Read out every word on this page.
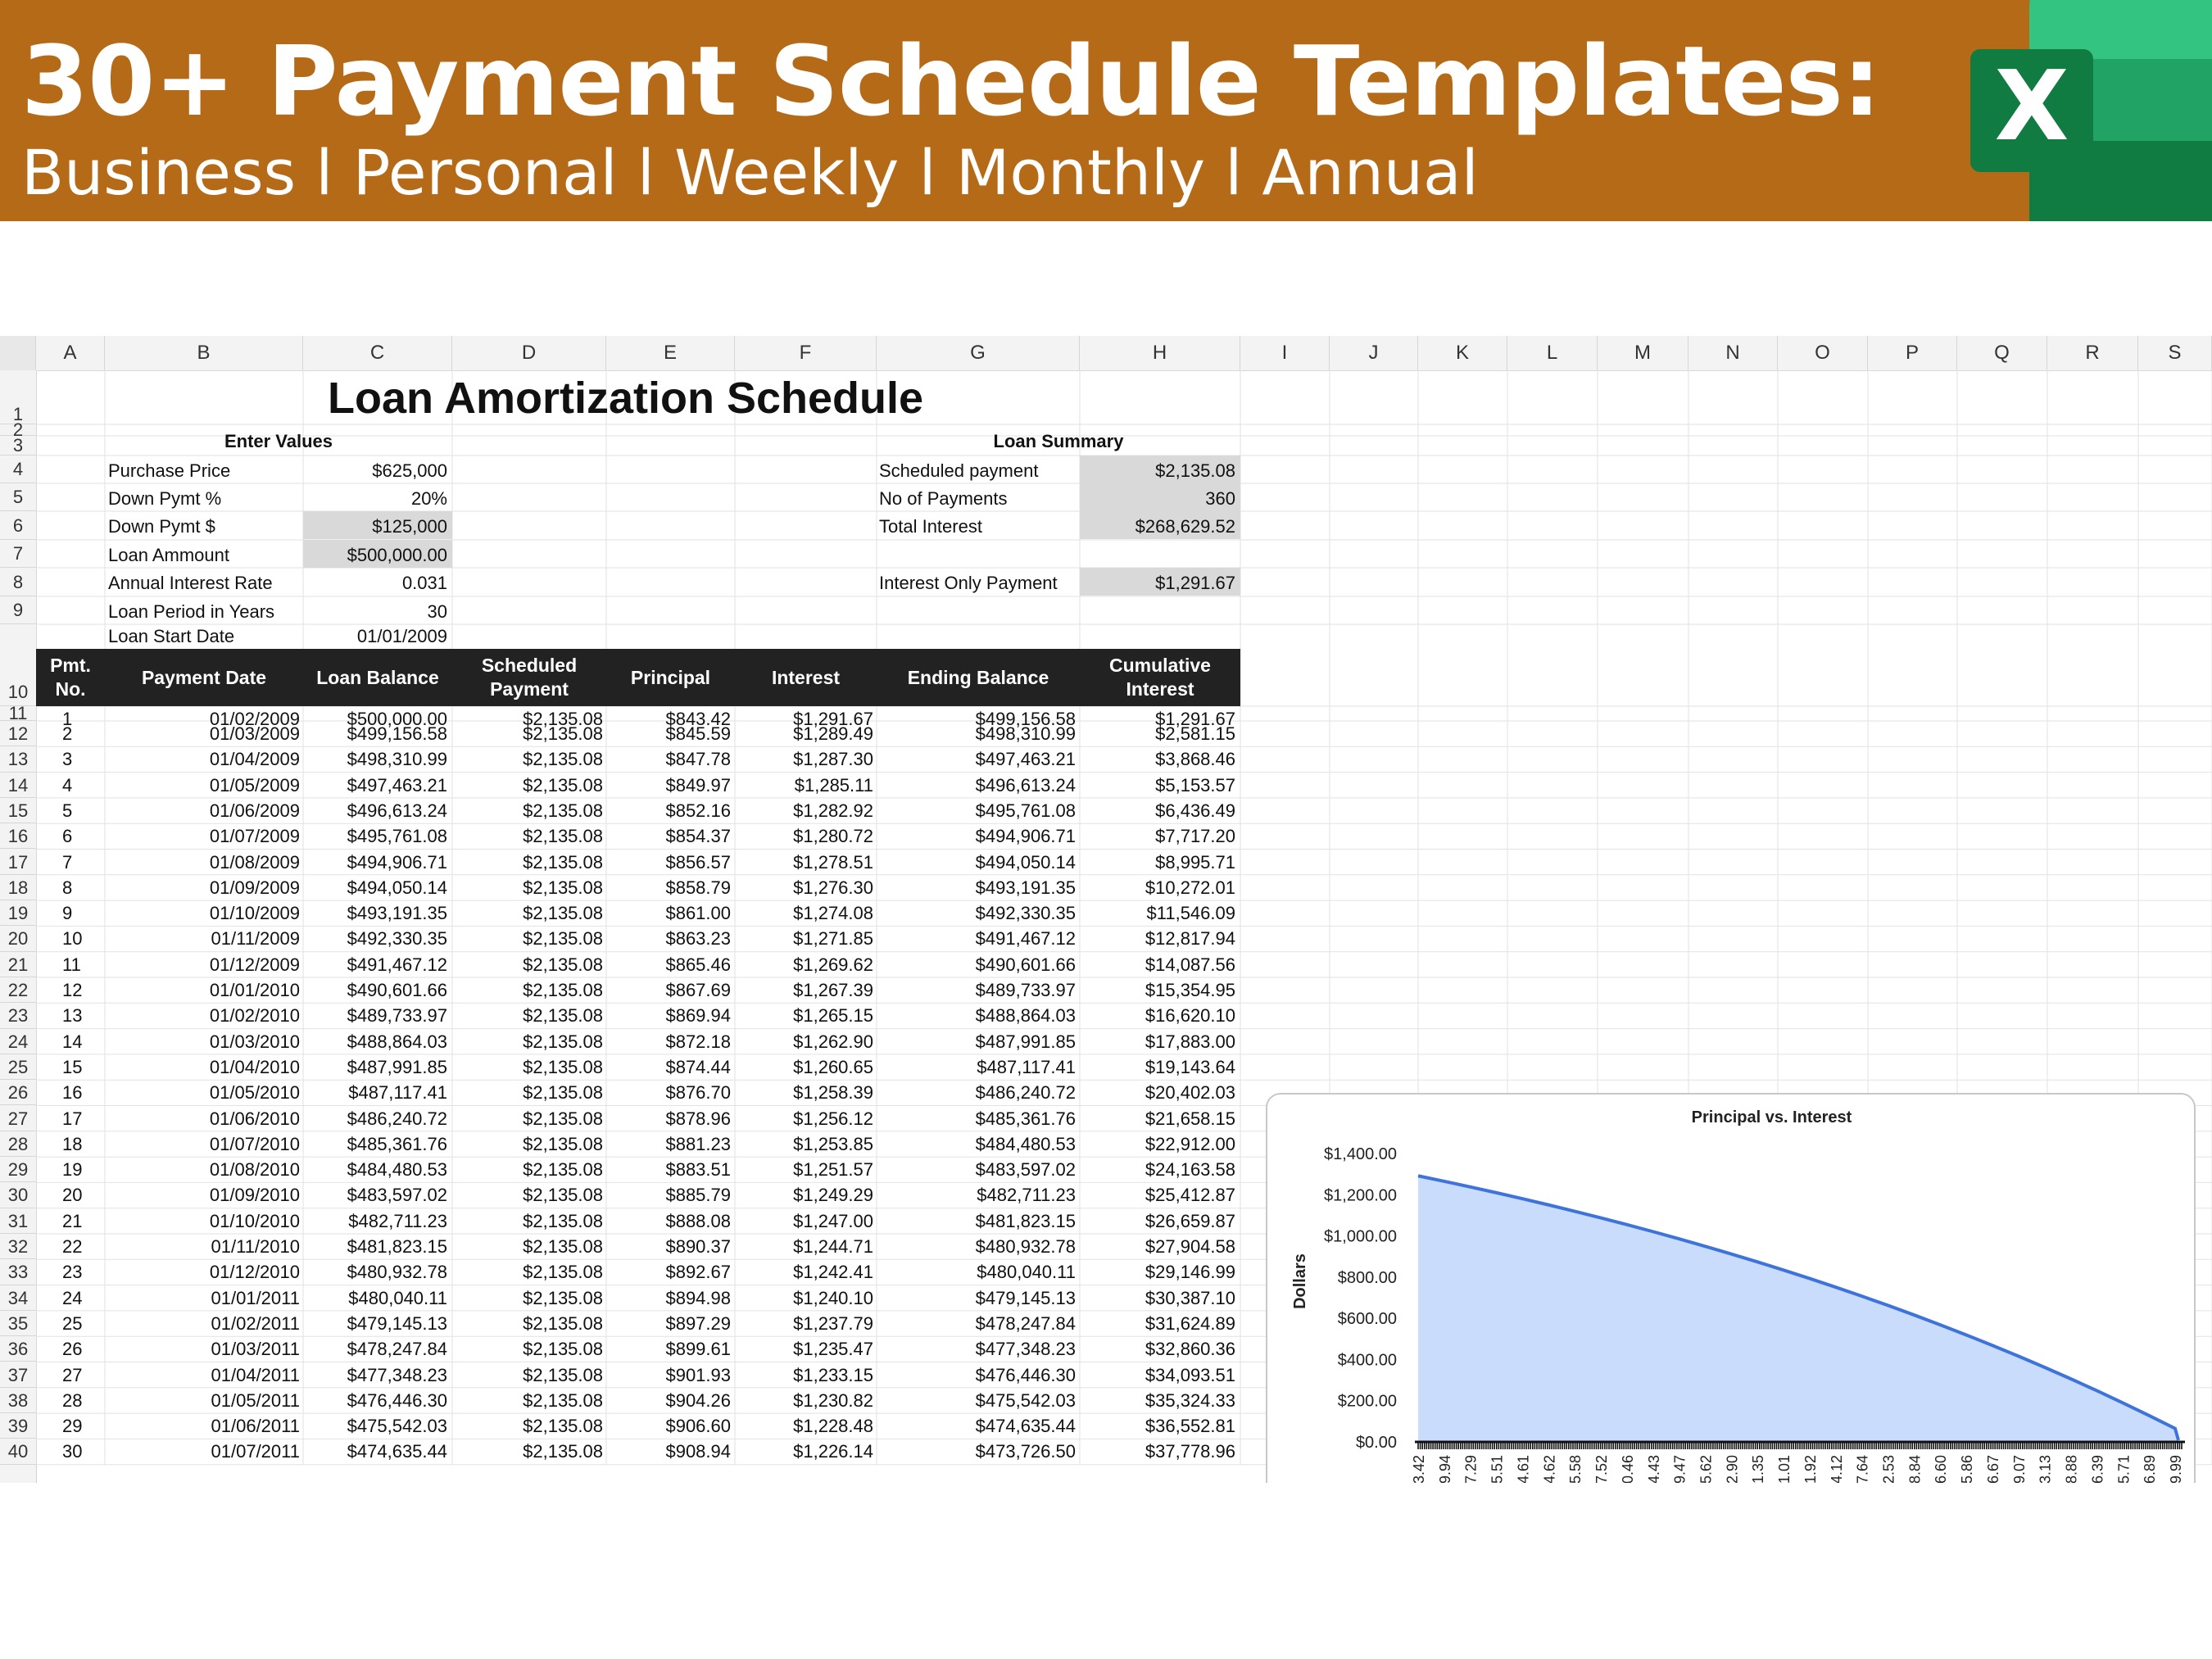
30+ Payment Schedule Templates:
Business l Personal l Weekly l Monthly l Annual
X
A	B	C	D	E	F	G	H	I	J	K	L	M	N	O	P	Q	R	S
1
2
3
4
5
6
7
8
9
10
11
12
13
14
15
16
17
18
19
20
21
22
23
24
25
26
27
28
29
30
31
32
33
34
35
36
37
38
39
40
Loan Amortization Schedule
Enter Values
Purchase Price	$625,000
Down Pymt %	20%
Down Pymt $	$125,000
Loan Ammount	$500,000.00
Annual Interest Rate	0.031
Loan Period in Years	30
Loan Start Date	01/01/2009
Loan Summary
Scheduled payment	$2,135.08
No of Payments	360
Total Interest	$268,629.52
Interest Only Payment	$1,291.67
Pmt.
No.
Payment Date	Loan Balance
Scheduled
Payment
Principal	Interest	Ending Balance
Cumulative
Interest
1	01/02/2009	$500,000.00	$2,135.08	$843.42	$1,291.67	$499,156.58	$1,291.67
2	01/03/2009	$499,156.58	$2,135.08	$845.59	$1,289.49	$498,310.99	$2,581.15
3	01/04/2009	$498,310.99	$2,135.08	$847.78	$1,287.30	$497,463.21	$3,868.46
4	01/05/2009	$497,463.21	$2,135.08	$849.97	$1,285.11	$496,613.24	$5,153.57
5	01/06/2009	$496,613.24	$2,135.08	$852.16	$1,282.92	$495,761.08	$6,436.49
6	01/07/2009	$495,761.08	$2,135.08	$854.37	$1,280.72	$494,906.71	$7,717.20
7	01/08/2009	$494,906.71	$2,135.08	$856.57	$1,278.51	$494,050.14	$8,995.71
8	01/09/2009	$494,050.14	$2,135.08	$858.79	$1,276.30	$493,191.35	$10,272.01
9	01/10/2009	$493,191.35	$2,135.08	$861.00	$1,274.08	$492,330.35	$11,546.09
10	01/11/2009	$492,330.35	$2,135.08	$863.23	$1,271.85	$491,467.12	$12,817.94
11	01/12/2009	$491,467.12	$2,135.08	$865.46	$1,269.62	$490,601.66	$14,087.56
12	01/01/2010	$490,601.66	$2,135.08	$867.69	$1,267.39	$489,733.97	$15,354.95
13	01/02/2010	$489,733.97	$2,135.08	$869.94	$1,265.15	$488,864.03	$16,620.10
14	01/03/2010	$488,864.03	$2,135.08	$872.18	$1,262.90	$487,991.85	$17,883.00
15	01/04/2010	$487,991.85	$2,135.08	$874.44	$1,260.65	$487,117.41	$19,143.64
16	01/05/2010	$487,117.41	$2,135.08	$876.70	$1,258.39	$486,240.72	$20,402.03
17	01/06/2010	$486,240.72	$2,135.08	$878.96	$1,256.12	$485,361.76	$21,658.15
18	01/07/2010	$485,361.76	$2,135.08	$881.23	$1,253.85	$484,480.53	$22,912.00
19	01/08/2010	$484,480.53	$2,135.08	$883.51	$1,251.57	$483,597.02	$24,163.58
20	01/09/2010	$483,597.02	$2,135.08	$885.79	$1,249.29	$482,711.23	$25,412.87
21	01/10/2010	$482,711.23	$2,135.08	$888.08	$1,247.00	$481,823.15	$26,659.87
22	01/11/2010	$481,823.15	$2,135.08	$890.37	$1,244.71	$480,932.78	$27,904.58
23	01/12/2010	$480,932.78	$2,135.08	$892.67	$1,242.41	$480,040.11	$29,146.99
24	01/01/2011	$480,040.11	$2,135.08	$894.98	$1,240.10	$479,145.13	$30,387.10
25	01/02/2011	$479,145.13	$2,135.08	$897.29	$1,237.79	$478,247.84	$31,624.89
26	01/03/2011	$478,247.84	$2,135.08	$899.61	$1,235.47	$477,348.23	$32,860.36
27	01/04/2011	$477,348.23	$2,135.08	$901.93	$1,233.15	$476,446.30	$34,093.51
28	01/05/2011	$476,446.30	$2,135.08	$904.26	$1,230.82	$475,542.03	$35,324.33
29	01/06/2011	$475,542.03	$2,135.08	$906.60	$1,228.48	$474,635.44	$36,552.81
30	01/07/2011	$474,635.44	$2,135.08	$908.94	$1,226.14	$473,726.50	$37,778.96
Principal vs. Interest
$0.00
$200.00
$400.00
$600.00
$800.00
$1,000.00
$1,200.00
$1,400.00
Dollars
$843.42 $869.94 $897.29 $925.51 $954.61 $984.62 $1,015.58 $1,047.52 $1,080.46 $1,114.43 $1,149.47 $1,185.62 $1,222.90 $1,261.35 $1,301.01 $1,341.92 $1,384.12 $1,427.64 $1,472.53 $1,518.84 $1,566.60 $1,615.86 $1,666.67 $1,719.07 $1,773.13 $1,828.88 $1,886.39 $1,945.71 $2,006.89 $2,069.99
Time
Interest
